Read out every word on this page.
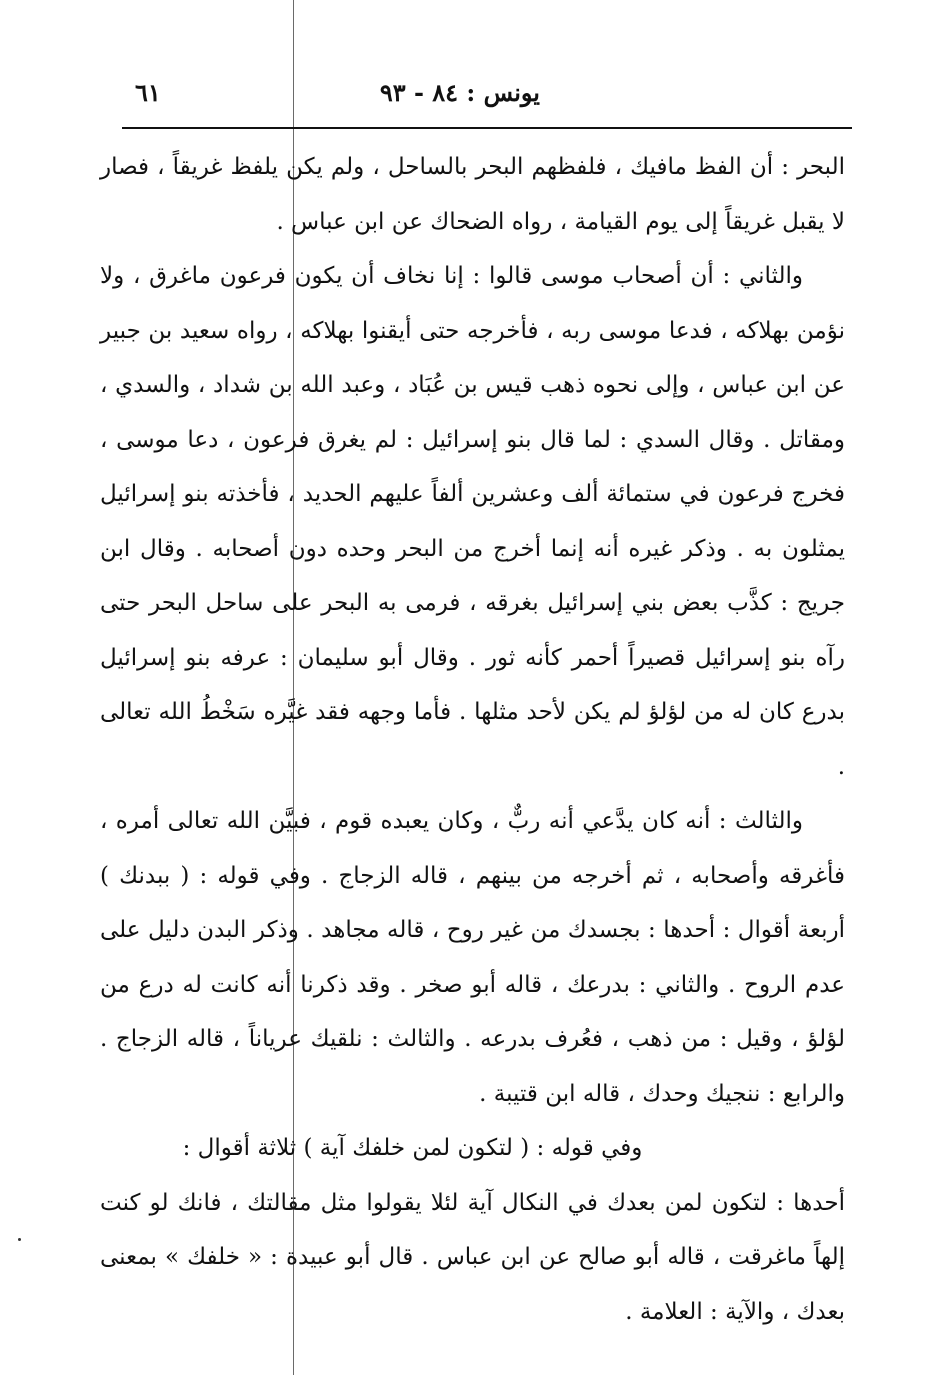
يونس : ٨٤ - ٩٣
٦١

البحر : أن الفظ مافيك ، فلفظهم البحر بالساحل ، ولم يكن يلفظ غريقاً ، فصار لا يقبل غريقاً إلى يوم القيامة ، رواه الضحاك عن ابن عباس .

والثاني : أن أصحاب موسى قالوا : إنا نخاف أن يكون فرعون ماغرق ، ولا نؤمن بهلاكه ، فدعا موسى ربه ، فأخرجه حتى أيقنوا بهلاكه ، رواه سعيد بن جبير عن ابن عباس ، وإلى نحوه ذهب قيس بن عُبَاد ، وعبد الله بن شداد ، والسدي ، ومقاتل . وقال السدي : لما قال بنو إسرائيل : لم يغرق فرعون ، دعا موسى ، فخرج فرعون في ستمائة ألف وعشرين ألفاً عليهم الحديد ، فأخذته بنو إسرائيل يمثلون به . وذكر غيره أنه إنما أخرج من البحر وحده دون أصحابه . وقال ابن جريج : كذَّب بعض بني إسرائيل بغرقه ، فرمى به البحر على ساحل البحر حتى رآه بنو إسرائيل قصيراً أحمر كأنه ثور . وقال أبو سليمان : عرفه بنو إسرائيل بدرع كان له من لؤلؤ لم يكن لأحد مثلها . فأما وجهه فقد غيَّره سَخْطُ الله تعالى .

والثالث : أنه كان يدَّعي أنه ربٌّ ، وكان يعبده قوم ، فبيَّن الله تعالى أمره ، فأغرقه وأصحابه ، ثم أخرجه من بينهم ، قاله الزجاج . وفي قوله : ( ببدنك ) أربعة أقوال : أحدها : بجسدك من غير روح ، قاله مجاهد . وذكر البدن دليل على عدم الروح . والثاني : بدرعك ، قاله أبو صخر . وقد ذكرنا أنه كانت له درع من لؤلؤ ، وقيل : من ذهب ، فعُرف بدرعه . والثالث : نلقيك عرياناً ، قاله الزجاج . والرابع : ننجيك وحدك ، قاله ابن قتيبة .

وفي قوله : ( لتكون لمن خلفك آية ) ثلاثة أقوال :

أحدها : لتكون لمن بعدك في النكال آية لئلا يقولوا مثل مقالتك ، فانك لو كنت إلهاً ماغرقت ، قاله أبو صالح عن ابن عباس . قال أبو عبيدة : « خلفك » بمعنى بعدك ، والآية : العلامة .
